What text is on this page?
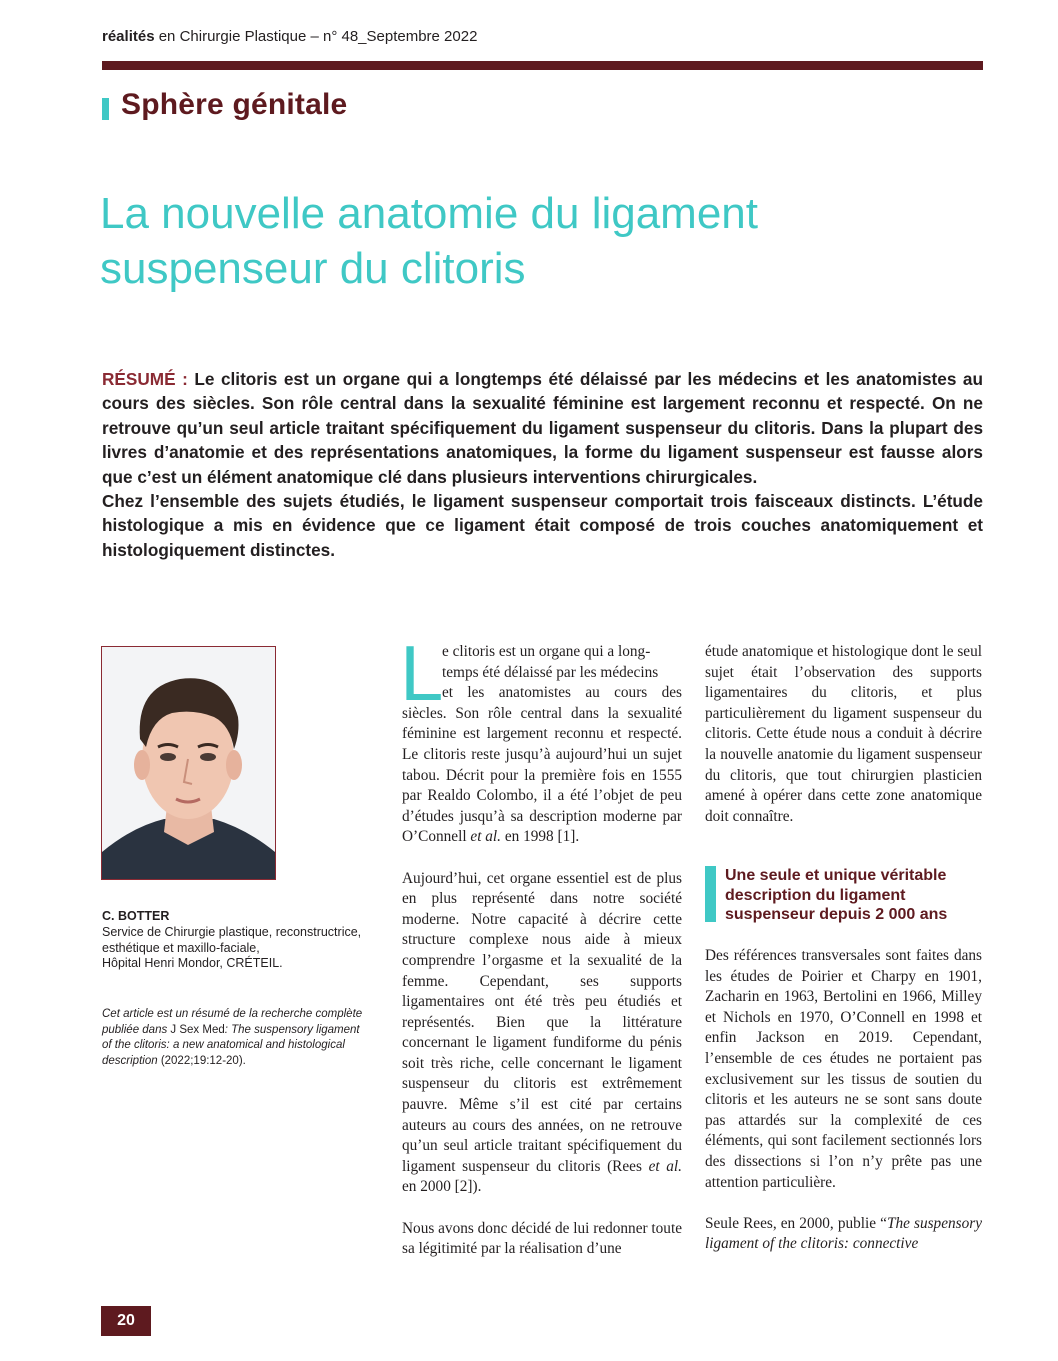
réalités en Chirurgie Plastique – n° 48_Septembre 2022
Sphère génitale
La nouvelle anatomie du ligament
suspenseur du clitoris

RÉSUMÉ : Le clitoris est un organe qui a longtemps été délaissé par les médecins et les anatomistes au cours des siècles. Son rôle central dans la sexualité féminine est largement reconnu et respecté. On ne retrouve qu’un seul article traitant spécifiquement du ligament suspenseur du clitoris. Dans la plupart des livres d’anatomie et des représentations anatomiques, la forme du ligament suspenseur est fausse alors que c’est un élément anatomique clé dans plusieurs interventions chirurgicales.

Chez l’ensemble des sujets étudiés, le ligament suspenseur comportait trois faisceaux distincts. L’étude histologique a mis en évidence que ce ligament était composé de trois couches anatomiquement et histologiquement distinctes.

C. BOTTER
Service de Chirurgie plastique, reconstructrice,
esthétique et maxillo-faciale,
Hôpital Henri Mondor, CRÉTEIL.
Cet article est un résumé de la recherche complète publiée dans J Sex Med: The suspensory ligament of the clitoris: a new anatomical and histological description (2022;19:12-20).
L

e clitoris est un organe qui a long-
temps été délaissé par les médecins
et les anatomistes au cours des
siècles. Son rôle central dans la sexualité féminine est largement reconnu et respecté. Le clitoris reste jusqu’à aujourd’hui un sujet tabou. Décrit pour la première fois en 1555 par Realdo Colombo, il a été l’objet de peu d’études jusqu’à sa description moderne par O’Connell et al. en 1998 [1].

Aujourd’hui, cet organe essentiel est de plus en plus représenté dans notre société moderne. Notre capacité à décrire cette structure complexe nous aide à mieux comprendre l’orgasme et la sexualité de la femme. Cependant, ses supports ligamentaires ont été très peu étudiés et représentés. Bien que la littérature concernant le ligament fundiforme du pénis soit très riche, celle concernant le ligament suspenseur du clitoris est extrêmement pauvre. Même s’il est cité par certains auteurs au cours des années, on ne retrouve qu’un seul article traitant spécifiquement du ligament suspenseur du clitoris (Rees et al. en 2000 [2]).

Nous avons donc décidé de lui redonner toute sa légitimité par la réalisation d’une

étude anatomique et histologique dont le seul sujet était l’observation des supports ligamentaires du clitoris, et plus particulièrement du ligament suspenseur du clitoris. Cette étude nous a conduit à décrire la nouvelle anatomie du ligament suspenseur du clitoris, que tout chirurgien plasticien amené à opérer dans cette zone anatomique doit connaître.

Une seule et unique véritable
description du ligament
suspenseur depuis 2 000 ans

Des références transversales sont faites dans les études de Poirier et Charpy en 1901, Zacharin en 1963, Bertolini en 1966, Milley et Nichols en 1970, O’Connell en 1998 et enfin Jackson en 2019. Cependant, l’ensemble de ces études ne portaient pas exclusivement sur les tissus de soutien du clitoris et les auteurs ne se sont sans doute pas attardés sur la complexité de ces éléments, qui sont facilement sectionnés lors des dissections si l’on n’y prête pas une attention particulière.

Seule Rees, en 2000, publie “The suspensory ligament of the clitoris: connective

20
